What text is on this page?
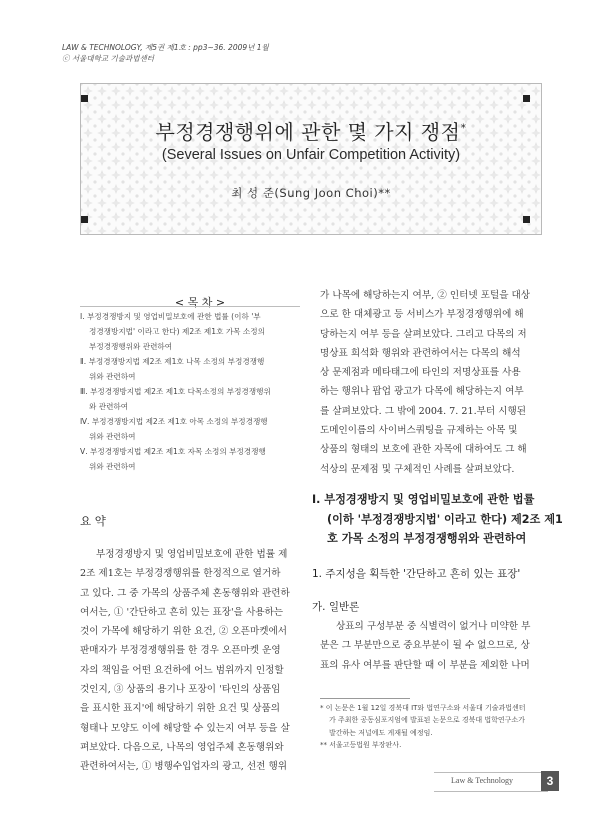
LAW & TECHNOLOGY, 제5권 제1호 : pp3~36. 2009년 1월
ⓒ 서울대학교 기술과법센터
부정경쟁행위에 관한 몇 가지 쟁점*
(Several Issues on Unfair Competition Activity)
최 성 준(Sung Joon Choi)**
< 목 차 >
Ⅰ. 부정경쟁방지 및 영업비밀보호에 관한 법률 (이하 '부
정경쟁방지법' 이라고 한다) 제2조 제1호 가목 소정의
부정경쟁행위와 관련하여
Ⅱ. 부정경쟁방지법 제2조 제1호 나목 소정의 부정경쟁행
위와 관련하여
Ⅲ. 부정경쟁방지법 제2조 제1호 다목소정의 부정경쟁행위
와 관련하여
Ⅳ. 부정경쟁방지법 제2조 제1호 아목 소정의 부정경쟁행
위와 관련하여
Ⅴ. 부정경쟁방지법 제2조 제1호 자목 소정의 부정경쟁행
위와 관련하여
요 약
부정경쟁방지 및 영업비밀보호에 관한 법률 제
2조 제1호는 부정경쟁행위를 한정적으로 열거하
고 있다. 그 중 가목의 상품주체 혼동행위와 관련하
여서는, ① '간단하고 흔히 있는 표장'을 사용하는
것이 가목에 해당하기 위한 요건, ② 오픈마켓에서
판매자가 부정경쟁행위를 한 경우 오픈마켓 운영
자의 책임을 어떤 요건하에 어느 범위까지 인정할
것인지, ③ 상품의 용기나 포장이 '타인의 상품임
을 표시한 표지'에 해당하기 위한 요건 및 상품의
형태나 모양도 이에 해당할 수 있는지 여부 등을 살
펴보았다. 다음으로, 나목의 영업주체 혼동행위와
관련하여서는, ① 병행수입업자의 광고, 선전 행위
가 나목에 해당하는지 여부, ② 인터넷 포털을 대상
으로 한 대체광고 등 서비스가 부정경쟁행위에 해
당하는지 여부 등을 살펴보았다. 그리고 다목의 저
명상표 희석화 행위와 관련하여서는 다목의 해석
상 문제점과 메타태그에 타인의 저명상표를 사용
하는 행위나 팝업 광고가 다목에 해당하는지 여부
를 살펴보았다. 그 밖에 2004. 7. 21.부터 시행된
도메인이름의 사이버스쿼팅을 규제하는 아목 및
상품의 형태의 보호에 관한 자목에 대하여도 그 해
석상의 문제점 및 구체적인 사례를 살펴보았다.
Ⅰ. 부정경쟁방지 및 영업비밀보호에 관한 법률
(이하 '부정경쟁방지법' 이라고 한다) 제2조 제1
호 가목 소정의 부정경쟁행위와 관련하여
1. 주지성을 획득한 '간단하고 흔히 있는 표장'
가. 일반론
상표의 구성부분 중 식별력이 없거나 미약한 부
분은 그 부분만으로 중요부분이 될 수 없으므로, 상
표의 유사 여부를 판단할 때 이 부분을 제외한 나머
* 이 논문은 1월 12일 경북대 IT와 법연구소와 서울대 기술과법센터
가 주최한 공동심포지엄에 발표된 논문으로 경북대 법학연구소가
발간하는 저널에도 게재될 예정임.
** 서울고등법원 부장판사.
Law & Technology	3
